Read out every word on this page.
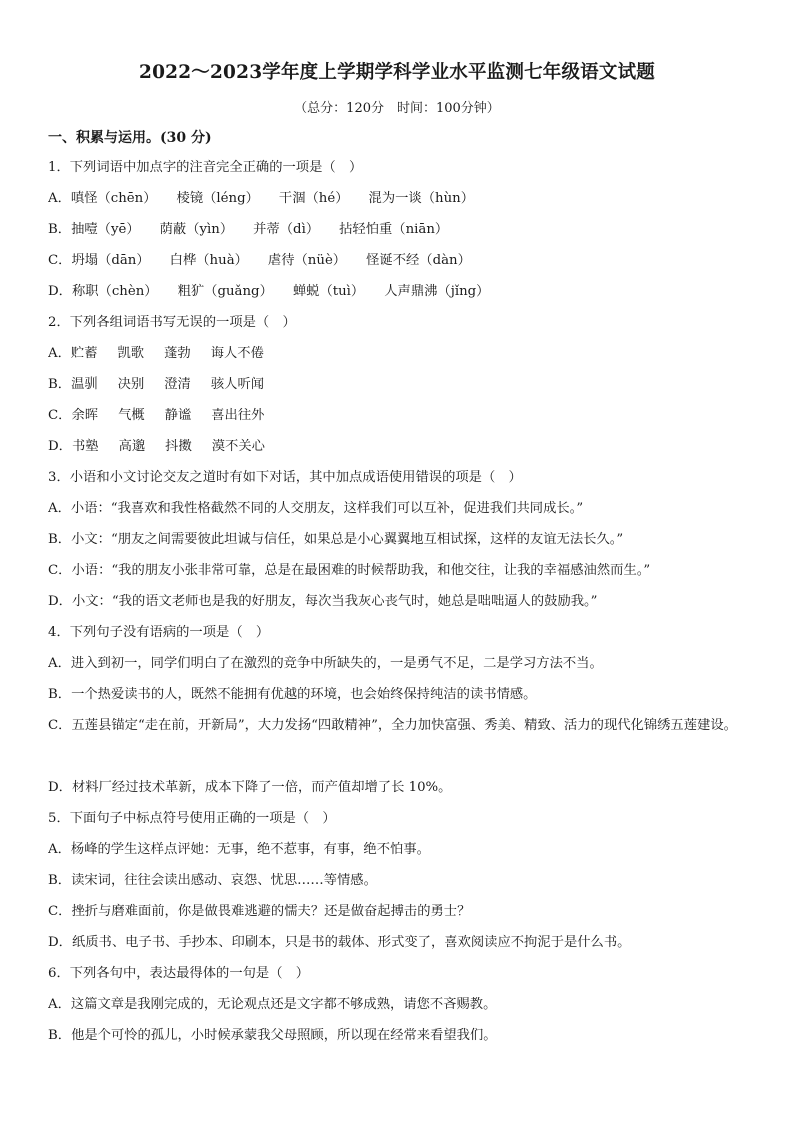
2022～2023学年度上学期学科学业水平监测七年级语文试题
（总分：120分　时间：100分钟）
一、积累与运用。(30 分)
1．下列词语中加点字的注音完全正确的一项是（　）
A．嗔怪（chēn） 棱镜（léng） 干涸（hé） 混为一谈（hùn）
B．抽噎（yē） 荫蔽（yìn） 并蒂（dì） 拈轻怕重（niān）
C．坍塌（dān） 白桦（huà） 虐待（nüè） 怪诞不经（dàn）
D．称职（chèn） 粗犷（guǎng） 蝉蜕（tuì） 人声鼎沸（jǐng）
2．下列各组词语书写无误的一项是（　）
A．贮蓄 凯歌 蓬勃 诲人不倦
B．温驯 决别 澄清 骇人听闻
C．余晖 气概 静谧 喜出往外
D．书塾 高邈 抖擞 漠不关心
3．小语和小文讨论交友之道时有如下对话，其中加点成语使用错误的项是（　）
A．小语：“我喜欢和我性格截然不同的人交朋友，这样我们可以互补，促进我们共同成长。”
B．小文：“朋友之间需要彼此坦诚与信任，如果总是小心翼翼地互相试探，这样的友谊无法长久。”
C．小语：“我的朋友小张非常可靠，总是在最困难的时候帮助我，和他交往，让我的幸福感油然而生。”
D．小文：“我的语文老师也是我的好朋友，每次当我灰心丧气时，她总是咄咄逼人的鼓励我。”
4．下列句子没有语病的一项是（　）
A．进入到初一，同学们明白了在激烈的竞争中所缺失的，一是勇气不足，二是学习方法不当。
B．一个热爱读书的人，既然不能拥有优越的环境，也会始终保持纯洁的读书情感。
C．五莲县锚定“走在前，开新局”，大力发扬“四敢精神”，全力加快富强、秀美、精致、活力的现代化锦绣五莲建设。
D．材料厂经过技术革新，成本下降了一倍，而产值却增了长 10%。
5．下面句子中标点符号使用正确的一项是（　）
A．杨峰的学生这样点评她：无事，绝不惹事，有事，绝不怕事。
B．读宋词，往往会读出感动、哀怨、忧思……等情感。
C．挫折与磨难面前，你是做畏难逃避的懦夫？还是做奋起搏击的勇士？
D．纸质书、电子书、手抄本、印刷本，只是书的载体、形式变了，喜欢阅读应不拘泥于是什么书。
6．下列各句中，表达最得体的一句是（　）
A．这篇文章是我刚完成的，无论观点还是文字都不够成熟，请您不吝赐教。
B．他是个可怜的孤儿，小时候承蒙我父母照顾，所以现在经常来看望我们。
